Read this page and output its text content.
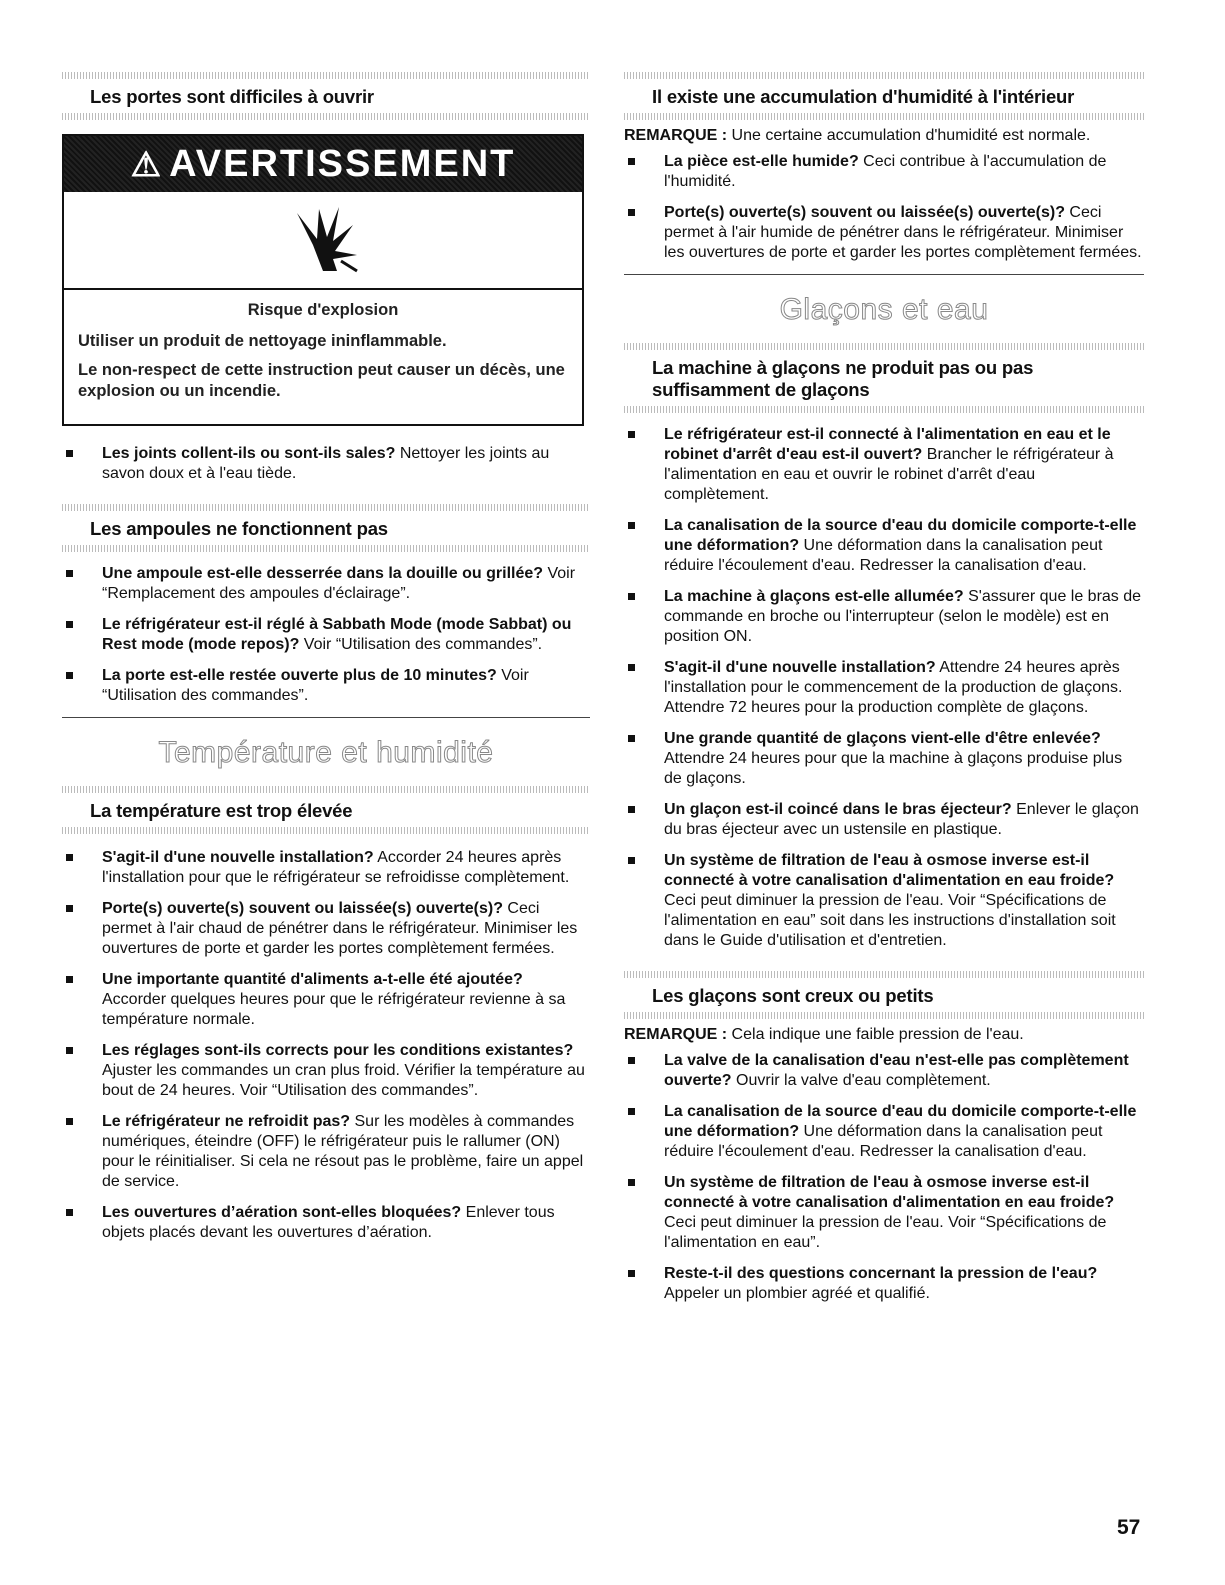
Les portes sont difficiles à ouvrir
⚠ AVERTISSEMENT
Risque d'explosion

Utiliser un produit de nettoyage ininflammable.

Le non-respect de cette instruction peut causer un décès, une explosion ou un incendie.

Les joints collent-ils ou sont-ils sales? Nettoyer les joints au savon doux et à l'eau tiède.
Les ampoules ne fonctionnent pas
Une ampoule est-elle desserrée dans la douille ou grillée? Voir “Remplacement des ampoules d'éclairage”.
Le réfrigérateur est-il réglé à Sabbath Mode (mode Sabbat) ou Rest mode (mode repos)? Voir “Utilisation des commandes”.
La porte est-elle restée ouverte plus de 10 minutes? Voir “Utilisation des commandes”.
Température et humidité
La température est trop élevée
S'agit-il d'une nouvelle installation? Accorder 24 heures après l'installation pour que le réfrigérateur se refroidisse complètement.
Porte(s) ouverte(s) souvent ou laissée(s) ouverte(s)? Ceci permet à l'air chaud de pénétrer dans le réfrigérateur. Minimiser les ouvertures de porte et garder les portes complètement fermées.
Une importante quantité d'aliments a-t-elle été ajoutée? Accorder quelques heures pour que le réfrigérateur revienne à sa température normale.
Les réglages sont-ils corrects pour les conditions existantes? Ajuster les commandes un cran plus froid. Vérifier la température au bout de 24 heures. Voir “Utilisation des commandes”.
Le réfrigérateur ne refroidit pas? Sur les modèles à commandes numériques, éteindre (OFF) le réfrigérateur puis le rallumer (ON) pour le réinitialiser. Si cela ne résout pas le problème, faire un appel de service.
Les ouvertures d’aération sont-elles bloquées? Enlever tous objets placés devant les ouvertures d’aération.
Il existe une accumulation d'humidité à l'intérieur
REMARQUE : Une certaine accumulation d'humidité est normale.
La pièce est-elle humide? Ceci contribue à l'accumulation de l'humidité.
Porte(s) ouverte(s) souvent ou laissée(s) ouverte(s)? Ceci permet à l'air humide de pénétrer dans le réfrigérateur. Minimiser les ouvertures de porte et garder les portes complètement fermées.
Glaçons et eau
La machine à glaçons ne produit pas ou pas suffisamment de glaçons
Le réfrigérateur est-il connecté à l'alimentation en eau et le robinet d'arrêt d'eau est-il ouvert? Brancher le réfrigérateur à l'alimentation en eau et ouvrir le robinet d'arrêt d'eau complètement.
La canalisation de la source d'eau du domicile comporte-t-elle une déformation? Une déformation dans la canalisation peut réduire l'écoulement d'eau. Redresser la canalisation d'eau.
La machine à glaçons est-elle allumée? S'assurer que le bras de commande en broche ou l'interrupteur (selon le modèle) est en position ON.
S'agit-il d'une nouvelle installation? Attendre 24 heures après l'installation pour le commencement de la production de glaçons. Attendre 72 heures pour la production complète de glaçons.
Une grande quantité de glaçons vient-elle d'être enlevée? Attendre 24 heures pour que la machine à glaçons produise plus de glaçons.
Un glaçon est-il coincé dans le bras éjecteur? Enlever le glaçon du bras éjecteur avec un ustensile en plastique.
Un système de filtration de l'eau à osmose inverse est-il connecté à votre canalisation d'alimentation en eau froide? Ceci peut diminuer la pression de l'eau. Voir “Spécifications de l'alimentation en eau” soit dans les instructions d'installation soit dans le Guide d'utilisation et d'entretien.
Les glaçons sont creux ou petits
REMARQUE : Cela indique une faible pression de l'eau.
La valve de la canalisation d'eau n'est-elle pas complètement ouverte? Ouvrir la valve d'eau complètement.
La canalisation de la source d'eau du domicile comporte-t-elle une déformation? Une déformation dans la canalisation peut réduire l'écoulement d'eau. Redresser la canalisation d'eau.
Un système de filtration de l'eau à osmose inverse est-il connecté à votre canalisation d'alimentation en eau froide? Ceci peut diminuer la pression de l'eau. Voir “Spécifications de l'alimentation en eau”.
Reste-t-il des questions concernant la pression de l'eau? Appeler un plombier agréé et qualifié.
57
